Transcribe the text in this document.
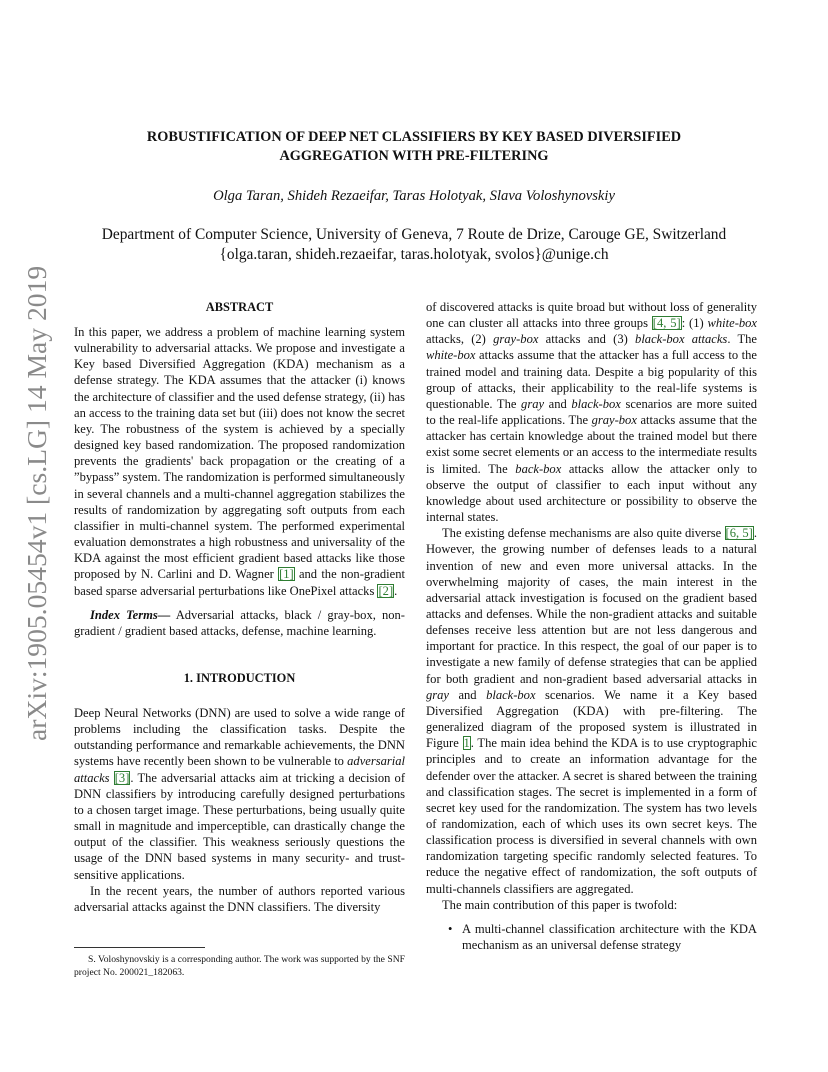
ROBUSTIFICATION OF DEEP NET CLASSIFIERS BY KEY BASED DIVERSIFIED
AGGREGATION WITH PRE-FILTERING
Olga Taran, Shideh Rezaeifar, Taras Holotyak, Slava Voloshynovskiy
Department of Computer Science, University of Geneva, 7 Route de Drize, Carouge GE, Switzerland
{olga.taran, shideh.rezaeifar, taras.holotyak, svolos}@unige.ch
arXiv:1905.05454v1 [cs.LG] 14 May 2019	ABSTRACT

In this paper, we address a problem of machine learning system vulnerability to adversarial attacks. We propose and investigate a Key based Diversified Aggregation (KDA) mechanism as a defense strategy. The KDA assumes that the attacker (i) knows the architecture of classifier and the used defense strategy, (ii) has an access to the training data set but (iii) does not know the secret key. The robustness of the system is achieved by a specially designed key based randomization. The proposed randomization prevents the gradients' back propagation or the creating of a ”bypass” system. The randomization is performed simultaneously in several channels and a multi-channel aggregation stabilizes the results of randomization by aggregating soft outputs from each classifier in multi-channel system. The performed experimental evaluation demonstrates a high robustness and universality of the KDA against the most efficient gradient based attacks like those proposed by N. Carlini and D. Wagner [1] and the non-gradient based sparse adversarial perturbations like OnePixel attacks [2].

Index Terms— Adversarial attacks, black / gray-box, non-gradient / gradient based attacks, defense, machine learning.

1. INTRODUCTION

Deep Neural Networks (DNN) are used to solve a wide range of problems including the classification tasks. Despite the outstanding performance and remarkable achievements, the DNN systems have recently been shown to be vulnerable to adversarial attacks [3]. The adversarial attacks aim at tricking a decision of DNN classifiers by introducing carefully designed perturbations to a chosen target image. These perturbations, being usually quite small in magnitude and imperceptible, can drastically change the output of the classifier. This weakness seriously questions the usage of the DNN based systems in many security- and trust-sensitive applications.

In the recent years, the number of authors reported various adversarial attacks against the DNN classifiers. The diversity

S. Voloshynovskiy is a corresponding author. The work was supported by the SNF project No. 200021_182063.

of discovered attacks is quite broad but without loss of generality one can cluster all attacks into three groups [4, 5]: (1) white-box attacks, (2) gray-box attacks and (3) black-box attacks. The white-box attacks assume that the attacker has a full access to the trained model and training data. Despite a big popularity of this group of attacks, their applicability to the real-life systems is questionable. The gray and black-box scenarios are more suited to the real-life applications. The gray-box attacks assume that the attacker has certain knowledge about the trained model but there exist some secret elements or an access to the intermediate results is limited. The back-box attacks allow the attacker only to observe the output of classifier to each input without any knowledge about used architecture or possibility to observe the internal states.

The existing defense mechanisms are also quite diverse [6, 5]. However, the growing number of defenses leads to a natural invention of new and even more universal attacks. In the overwhelming majority of cases, the main interest in the adversarial attack investigation is focused on the gradient based attacks and defenses. While the non-gradient attacks and suitable defenses receive less attention but are not less dangerous and important for practice. In this respect, the goal of our paper is to investigate a new family of defense strategies that can be applied for both gradient and non-gradient based adversarial attacks in gray and black-box scenarios. We name it a Key based Diversified Aggregation (KDA) with pre-filtering. The generalized diagram of the proposed system is illustrated in Figure 1. The main idea behind the KDA is to use cryptographic principles and to create an information advantage for the defender over the attacker. A secret is shared between the training and classification stages. The secret is implemented in a form of secret key used for the randomization. The system has two levels of randomization, each of which uses its own secret keys. The classification process is diversified in several channels with own randomization targeting specific randomly selected features. To reduce the negative effect of randomization, the soft outputs of multi-channels classifiers are aggregated.

The main contribution of this paper is twofold:

• A multi-channel classification architecture with the KDA mechanism as an universal defense strategy
